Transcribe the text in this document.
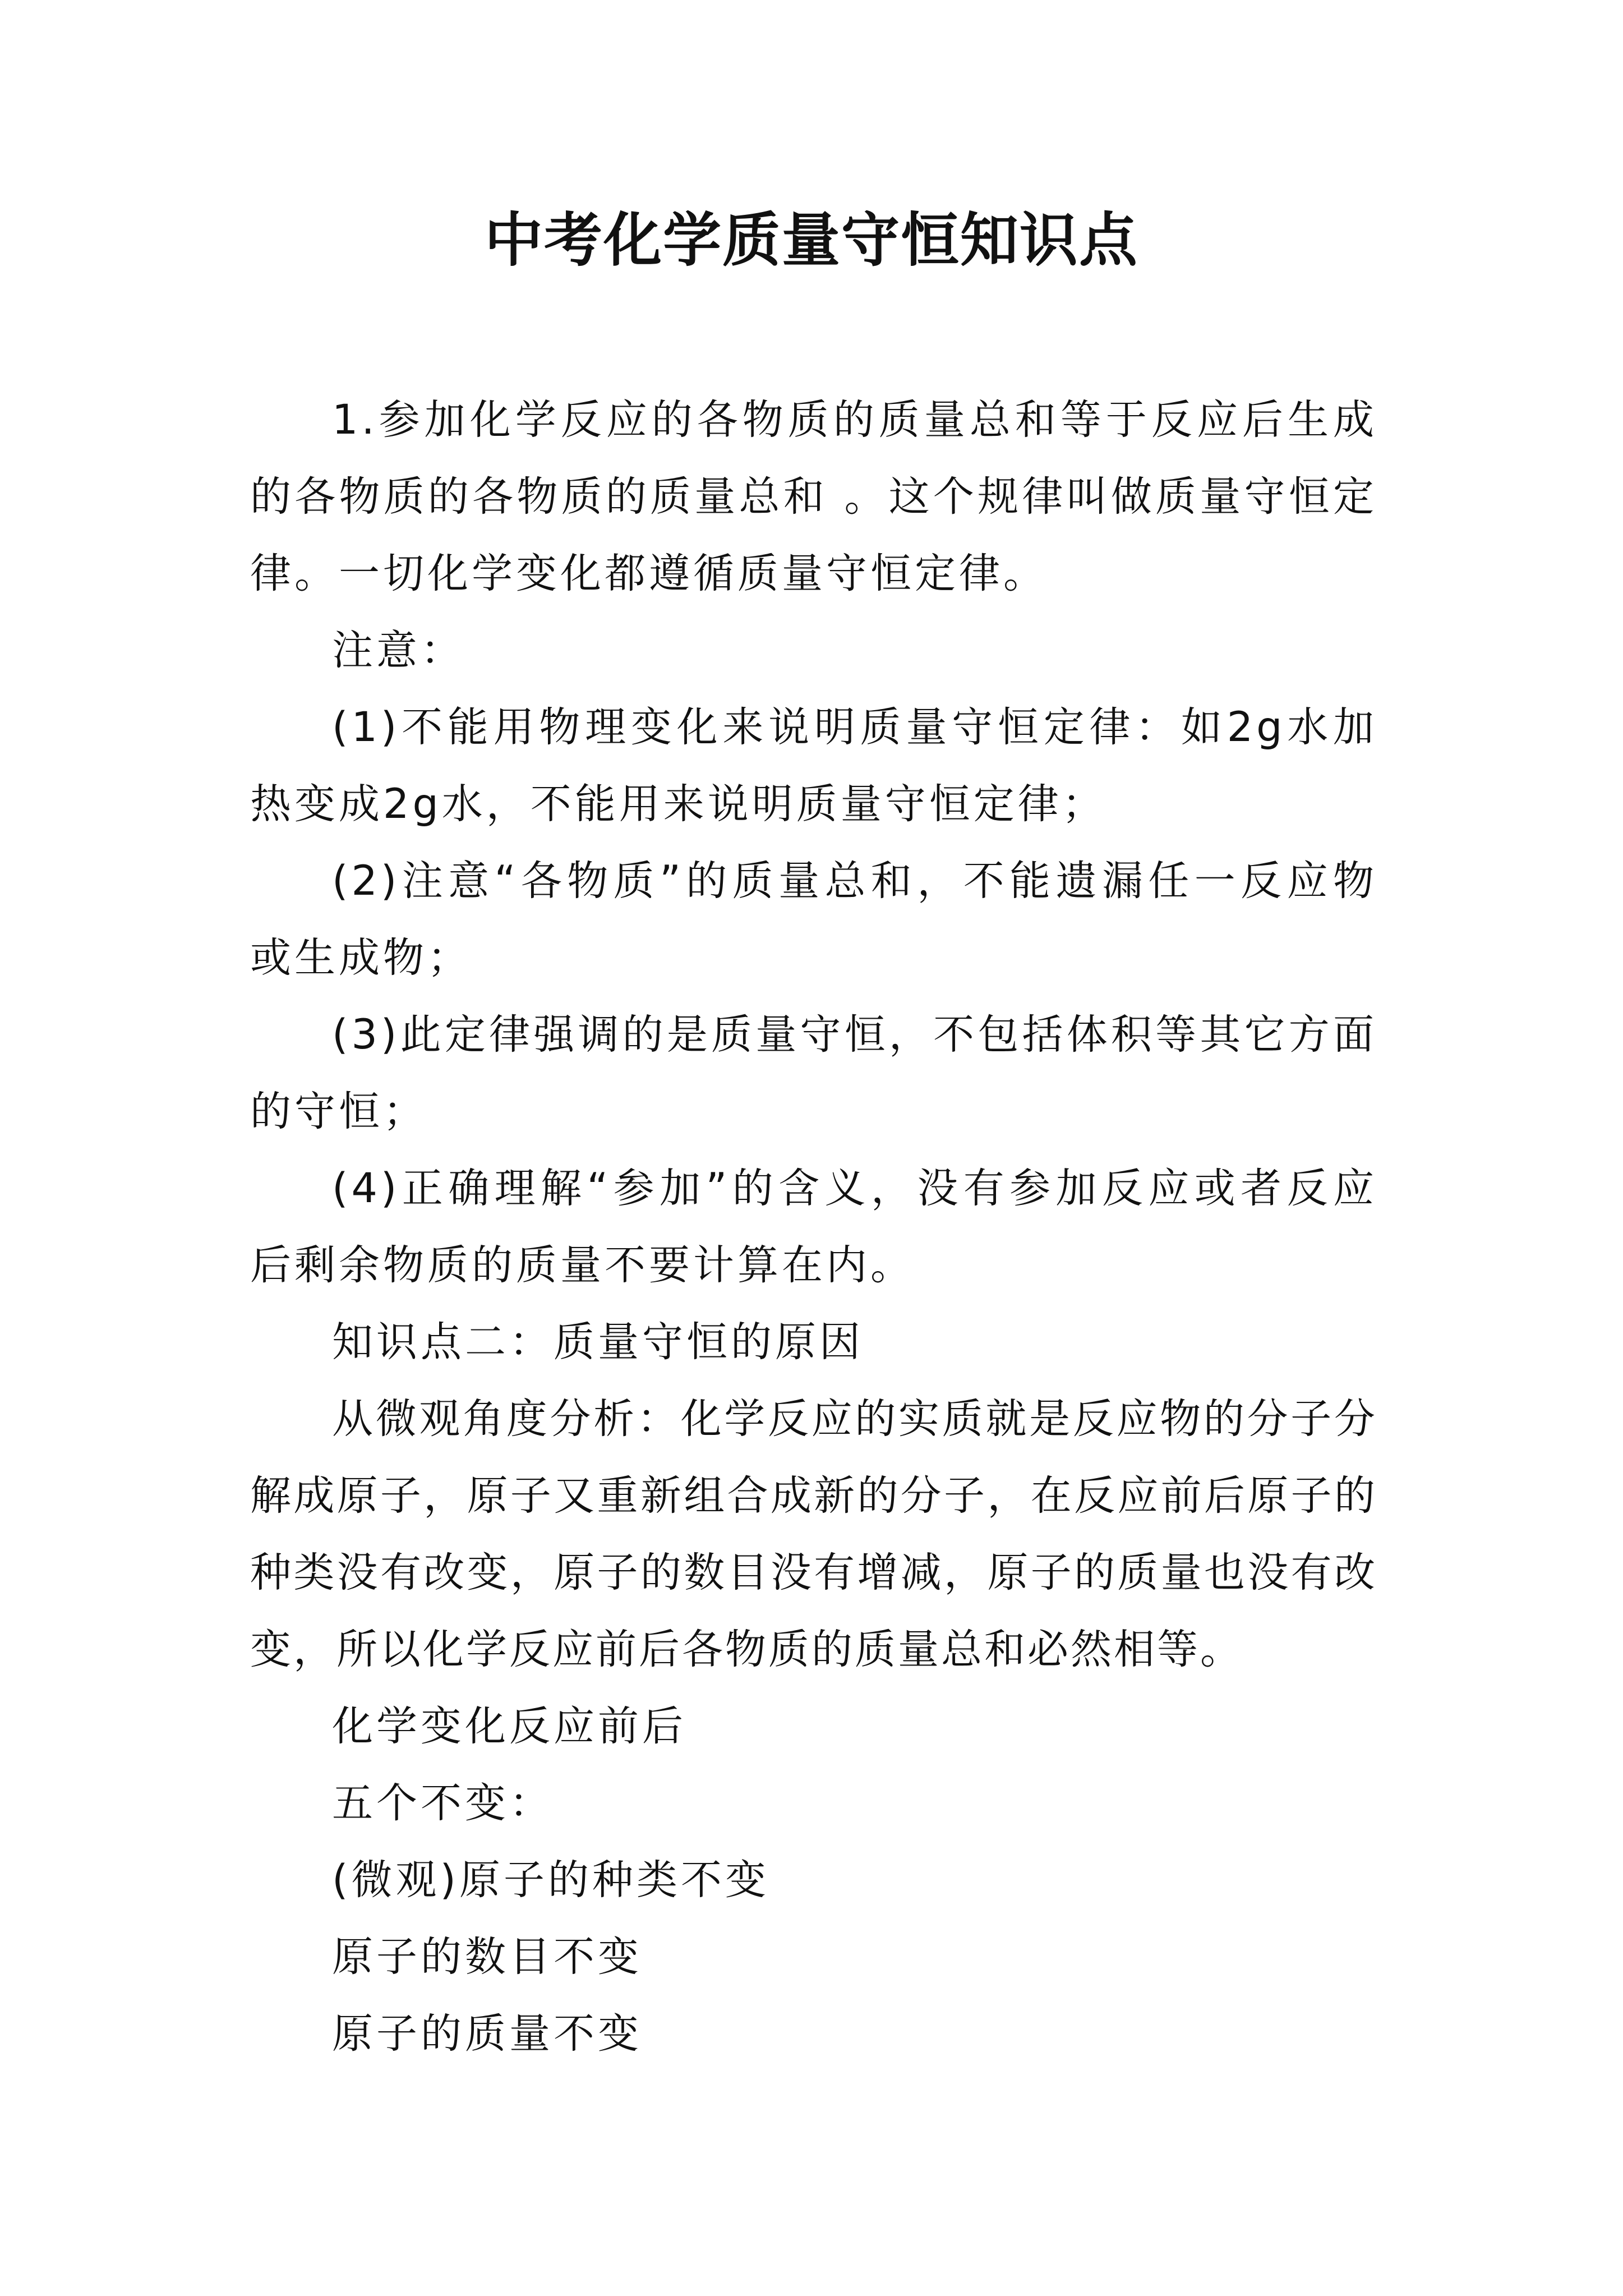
中考化学质量守恒知识点

1.参加化学反应的各物质的质量总和等于反应后生成的各物质的各物质的质量总和 。这个规律叫做质量守恒定律。一切化学变化都遵循质量守恒定律。

注意：

(1)不能用物理变化来说明质量守恒定律：如2g水加热变成2g水，不能用来说明质量守恒定律；

(2)注意“各物质”的质量总和，不能遗漏任一反应物或生成物；

(3)此定律强调的是质量守恒，不包括体积等其它方面的守恒；

(4)正确理解“参加”的含义，没有参加反应或者反应后剩余物质的质量不要计算在内。

知识点二：质量守恒的原因

从微观角度分析：化学反应的实质就是反应物的分子分解成原子，原子又重新组合成新的分子，在反应前后原子的种类没有改变，原子的数目没有增减，原子的质量也没有改变，所以化学反应前后各物质的质量总和必然相等。

化学变化反应前后

五个不变：

(微观)原子的种类不变

原子的数目不变

原子的质量不变
